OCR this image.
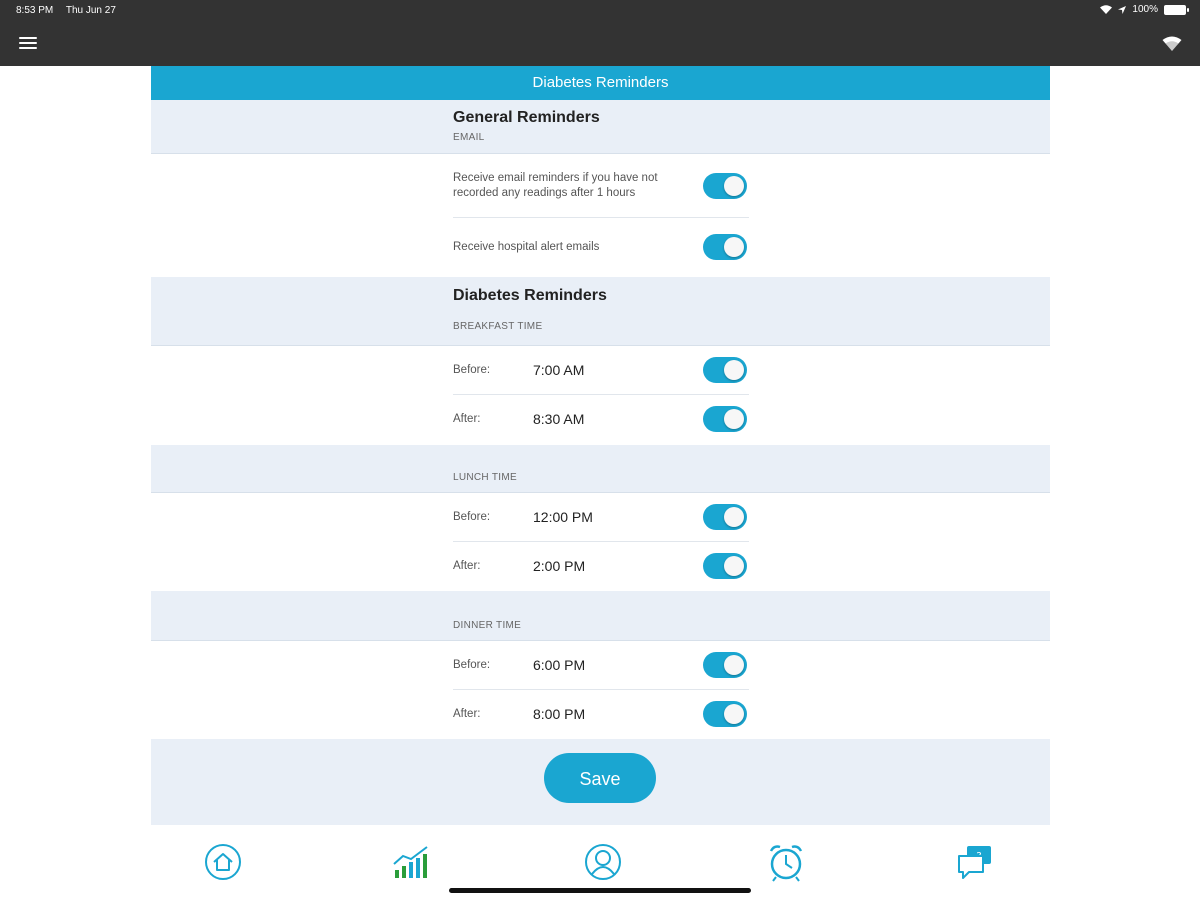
8:53 PM Thu Jun 27	100%
Diabetes Reminders
General Reminders
EMAIL
Receive email reminders if you have not recorded any readings after 1 hours
Receive hospital alert emails
Diabetes Reminders
BREAKFAST TIME
Before:	7:00 AM
After:	8:30 AM
LUNCH TIME
Before:	12:00 PM
After:	2:00 PM
DINNER TIME
Before:	6:00 PM
After:	8:00 PM
Save
